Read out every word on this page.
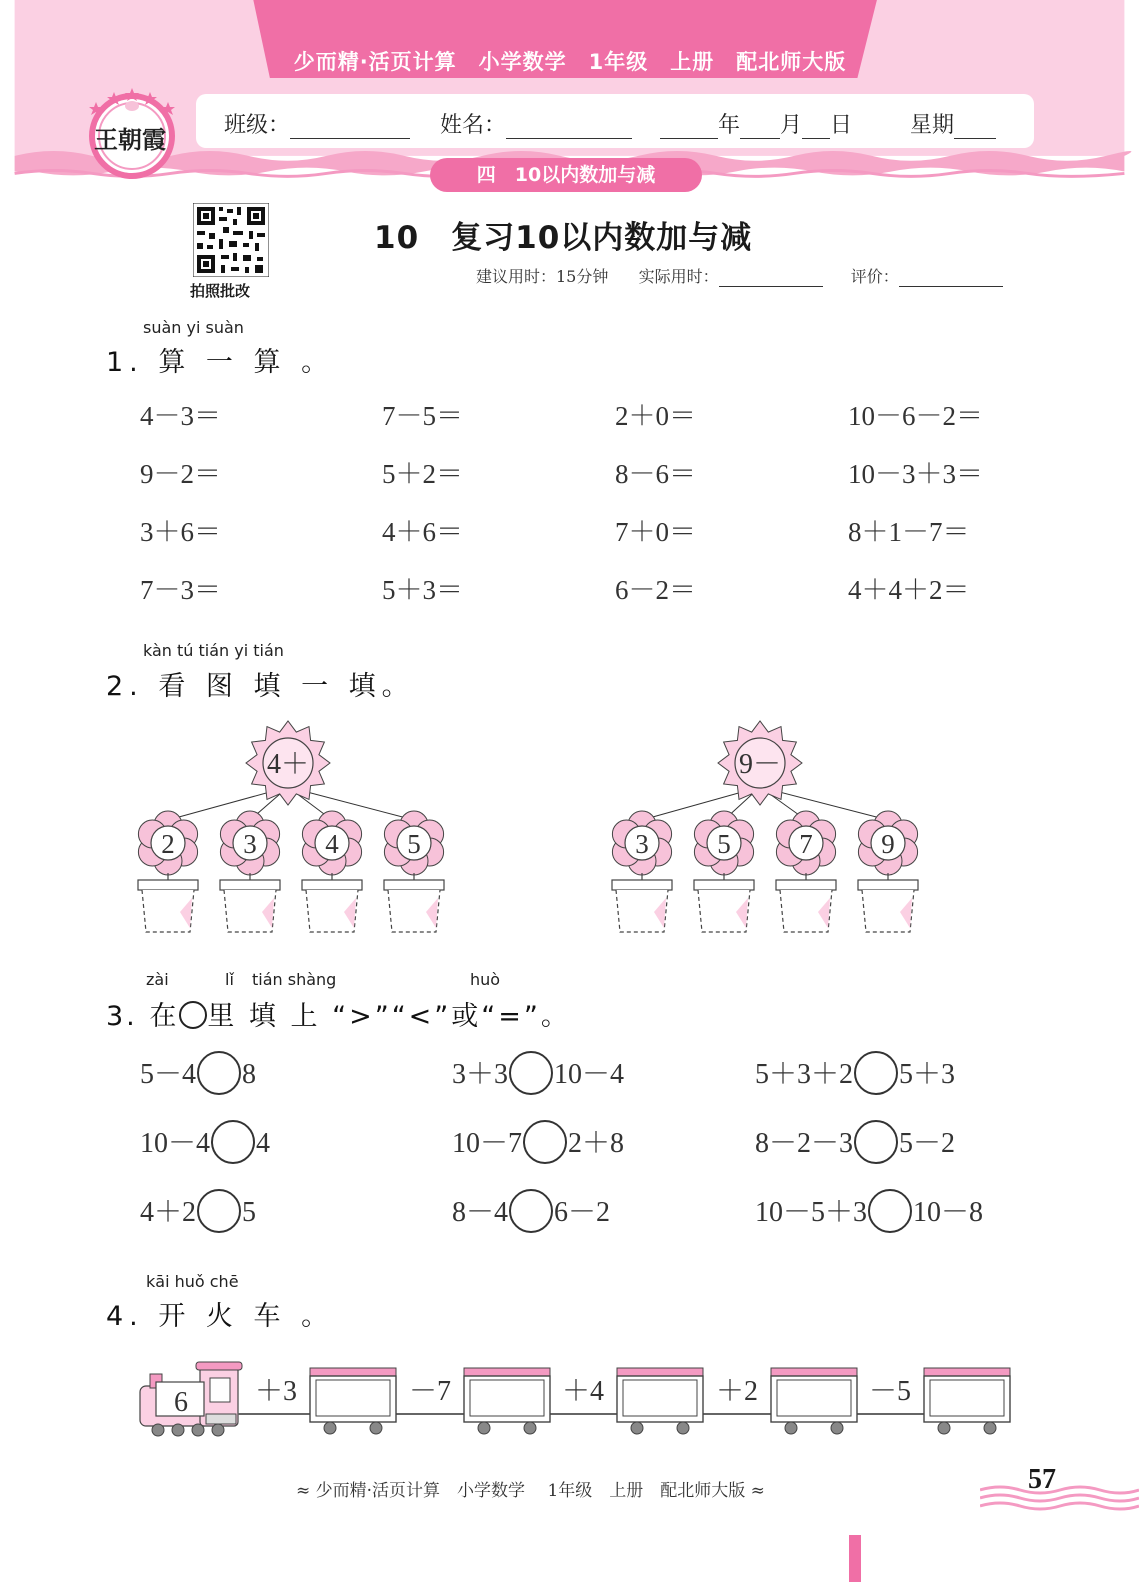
少而精·活页计算　小学数学　1年级　上册　配北师大版
班级：	姓名：	年 月 日	星期
四　10以内数加与减
王朝霞
拍照批改
10　复习10以内数加与减
建议用时：15分钟 实际用时：	评价：
suàn yi suàn
1. 算 一 算 。
4－3＝	7－5＝	2＋0＝	10－6－2＝
9－2＝	5＋2＝	8－6＝	10－3＋3＝
3＋6＝	4＋6＝	7＋0＝	8＋1－7＝
7－3＝	5＋3＝	6－2＝	4＋4＋2＝
kàn tú tián yi tián
2. 看 图 填 一 填。
4＋
2	3	4	5
9－
3	5	7	9
zài	lǐ tián shàng	huò
3. 在 里 填 上 “>”“<”或“=”。
5－4 8	3＋3 10－4	5＋3＋2 5＋3
10－4 4	10－7 2＋8	8－2－3 5－2
4＋2 5	8－4 6－2	10－5＋3 10－8
kāi huǒ chē
4. 开 火 车 。
6 ＋3	－7	＋4	＋2	－5
≈ 少而精·活页计算　小学数学　 1年级　上册　配北师大版 ≈	57
